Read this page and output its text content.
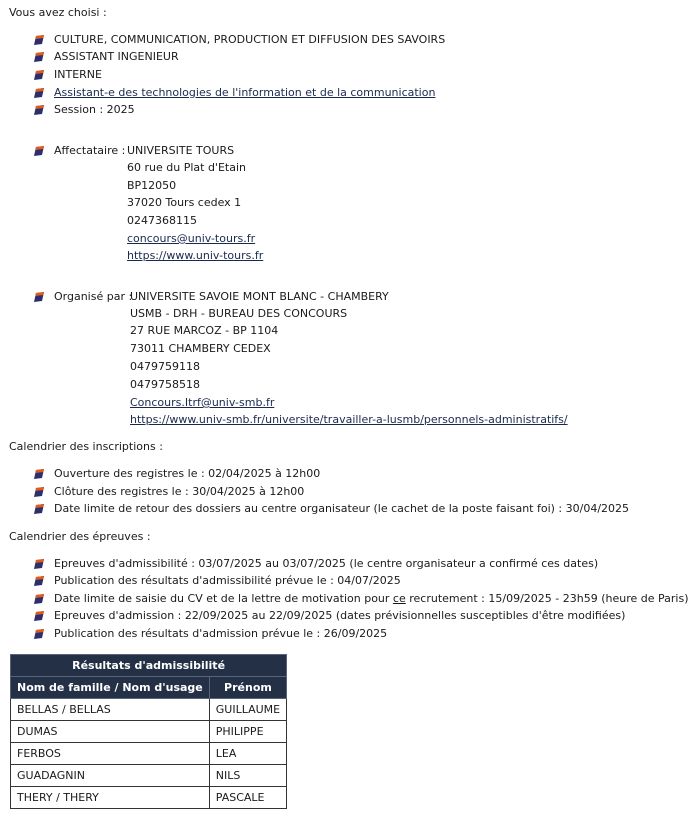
Vous avez choisi :
CULTURE, COMMUNICATION, PRODUCTION ET DIFFUSION DES SAVOIRS
ASSISTANT INGENIEUR
INTERNE
Assistant-e des technologies de l'information et de la communication
Session : 2025
Affectataire : UNIVERSITE TOURS
60 rue du Plat d'Etain
BP12050
37020 Tours cedex 1
0247368115
concours@univ-tours.fr
https://www.univ-tours.fr
Organisé par :
UNIVERSITE SAVOIE MONT BLANC - CHAMBERY
USMB - DRH - BUREAU DES CONCOURS
27 RUE MARCOZ - BP 1104
73011 CHAMBERY CEDEX
0479759118
0479758518
Concours.Itrf@univ-smb.fr
https://www.univ-smb.fr/universite/travailler-a-lusmb/personnels-administratifs/
Calendrier des inscriptions :
Ouverture des registres le : 02/04/2025 à 12h00
Clôture des registres le : 30/04/2025 à 12h00
Date limite de retour des dossiers au centre organisateur (le cachet de la poste faisant foi) : 30/04/2025
Calendrier des épreuves :
Epreuves d'admissibilité : 03/07/2025 au 03/07/2025 (le centre organisateur a confirmé ces dates)
Publication des résultats d'admissibilité prévue le : 04/07/2025
Date limite de saisie du CV et de la lettre de motivation pour ce recrutement : 15/09/2025 - 23h59 (heure de Paris)
Epreuves d'admission : 22/09/2025 au 22/09/2025 (dates prévisionnelles susceptibles d'être modifiées)
Publication des résultats d'admission prévue le : 26/09/2025
Résultats d'admissibilité	
Nom de famille / Nom d'usage	Prénom
BELLAS / BELLAS	GUILLAUME
DUMAS	PHILIPPE
FERBOS	LEA
GUADAGNIN	NILS
THERY / THERY	PASCALE
